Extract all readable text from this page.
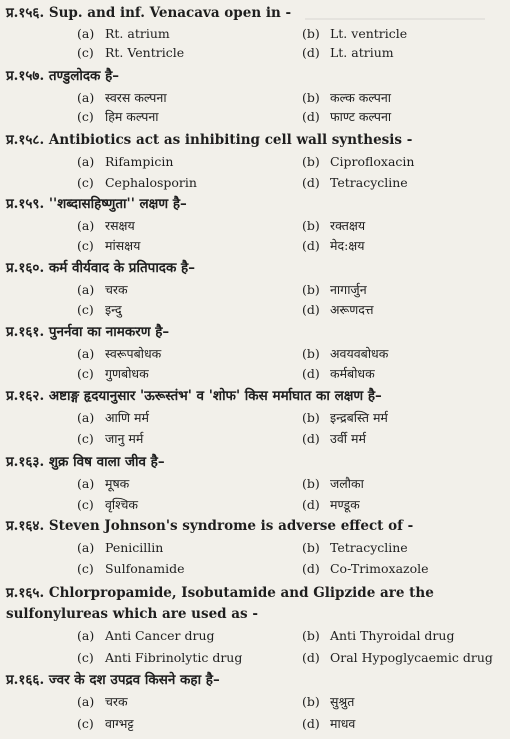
प्र.१५६. Sup. and inf. Venacava open in -
(a) Rt. atrium	(b) Lt. ventricle
(c) Rt. Ventricle	(d) Lt. atrium
प्र.१५७. तण्डुलोदक है–
(a) स्वरस कल्पना	(b) कल्क कल्पना
(c) हिम कल्पना	(d) फाण्ट कल्पना
प्र.१५८. Antibiotics act as inhibiting cell wall synthesis -
(a) Rifampicin	(b) Ciprofloxacin
(c) Cephalosporin	(d) Tetracycline
प्र.१५९. ''शब्दासहिष्णुता'' लक्षण है–
(a) रसक्षय	(b) रक्तक्षय
(c) मांसक्षय	(d) मेद:क्षय
प्र.१६०. कर्म वीर्यवाद के प्रतिपादक है–
(a) चरक	(b) नागार्जुन
(c) इन्दु	(d) अरूणदत्त
प्र.१६१. पुनर्नवा का नामकरण है–
(a) स्वरूपबोधक	(b) अवयवबोधक
(c) गुणबोधक	(d) कर्मबोधक
प्र.१६२. अष्टाङ्ग हृदयानुसार 'ऊरूस्तंभ' व 'शोफ' किस मर्माघात का लक्षण है–
(a) आणि मर्म	(b) इन्द्रबस्ति मर्म
(c) जानु मर्म	(d) उर्वी मर्म
प्र.१६३. शुक्र विष वाला जीव है–
(a) मूषक	(b) जलौका
(c) वृश्चिक	(d) मण्डूक
प्र.१६४. Steven Johnson's syndrome is adverse effect of -
(a) Penicillin	(b) Tetracycline
(c) Sulfonamide	(d) Co-Trimoxazole
प्र.१६५. Chlorpropamide, Isobutamide and Glipzide are the sulfonylureas which are used as -
(a) Anti Cancer drug	(b) Anti Thyroidal drug
(c) Anti Fibrinolytic drug	(d) Oral Hypoglycaemic drug
प्र.१६६. ज्वर के दश उपद्रव किसने कहा है–
(a) चरक	(b) सुश्रुत
(c) वाग्भट्ट	(d) माधव
